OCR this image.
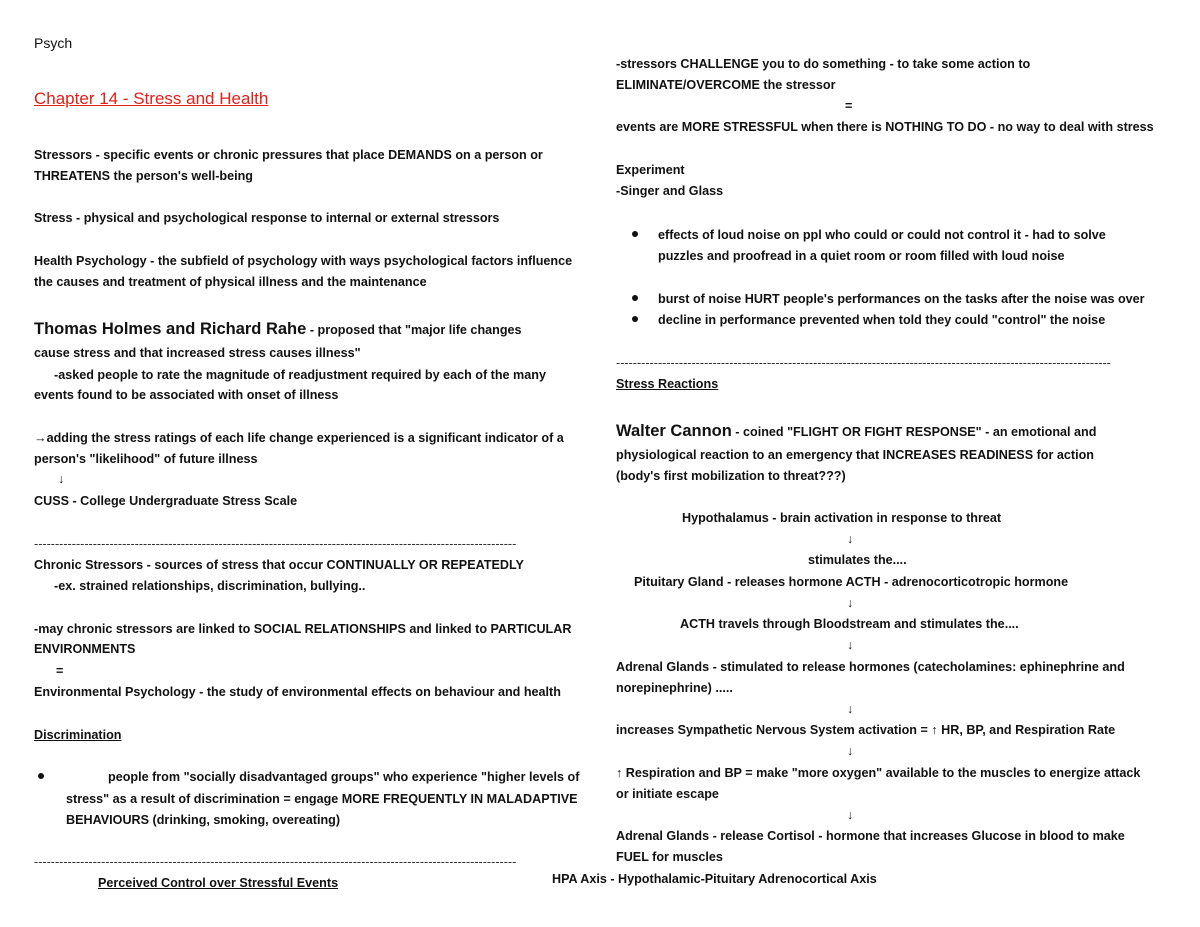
Psych
Chapter 14 - Stress and Health
Stressors - specific events or chronic pressures that place DEMANDS on a person or
THREATENS the person's well-being
Stress - physical and psychological response to internal or external stressors
Health Psychology - the subfield of psychology with ways psychological factors influence
the causes and treatment of physical illness and the maintenance
Thomas Holmes and Richard Rahe - proposed that "major life changes
cause stress and that increased stress causes illness"
-asked people to rate the magnitude of readjustment required by each of the many
events found to be associated with onset of illness
→adding the stress ratings of each life change experienced is a significant indicator of a
person's "likelihood" of future illness
↓
CUSS - College Undergraduate Stress Scale
-------------------------------------------------------------------------------------------------------------------
Chronic Stressors - sources of stress that occur CONTINUALLY OR REPEATEDLY
-ex. strained relationships, discrimination, bullying..
-may chronic stressors are linked to SOCIAL RELATIONSHIPS and linked to PARTICULAR
ENVIRONMENTS
=
Environmental Psychology - the study of environmental effects on behaviour and health
Discrimination
people from "socially disadvantaged groups" who experience "higher levels of
stress" as a result of discrimination = engage MORE FREQUENTLY IN MALADAPTIVE
BEHAVIOURS (drinking, smoking, overeating)
-------------------------------------------------------------------------------------------------------------------
Perceived Control over Stressful Events
-stressors CHALLENGE you to do something - to take some action to
ELIMINATE/OVERCOME the stressor
=
events are MORE STRESSFUL when there is NOTHING TO DO - no way to deal with stress
Experiment
-Singer and Glass
effects of loud noise on ppl who could or could not control it - had to solve
puzzles and proofread in a quiet room or room filled with loud noise
burst of noise HURT people's performances on the tasks after the noise was over
decline in performance prevented when told they could "control" the noise
----------------------------------------------------------------------------------------------------------------------
Stress Reactions
Walter Cannon - coined "FLIGHT OR FIGHT RESPONSE" - an emotional and
physiological reaction to an emergency that INCREASES READINESS for action
(body's first mobilization to threat???)
Hypothalamus - brain activation in response to threat
↓
stimulates the....
Pituitary Gland - releases hormone ACTH - adrenocorticotropic hormone
↓
ACTH travels through Bloodstream and stimulates the....
↓
Adrenal Glands - stimulated to release hormones (catecholamines: ephinephrine and
norepinephrine) .....
↓
increases Sympathetic Nervous System activation = ↑ HR, BP, and Respiration Rate
↓
↑ Respiration and BP = make "more oxygen" available to the muscles to energize attack
or initiate escape
↓
Adrenal Glands - release Cortisol - hormone that increases Glucose in blood to make
FUEL for muscles
HPA Axis - Hypothalamic-Pituitary Adrenocortical Axis
